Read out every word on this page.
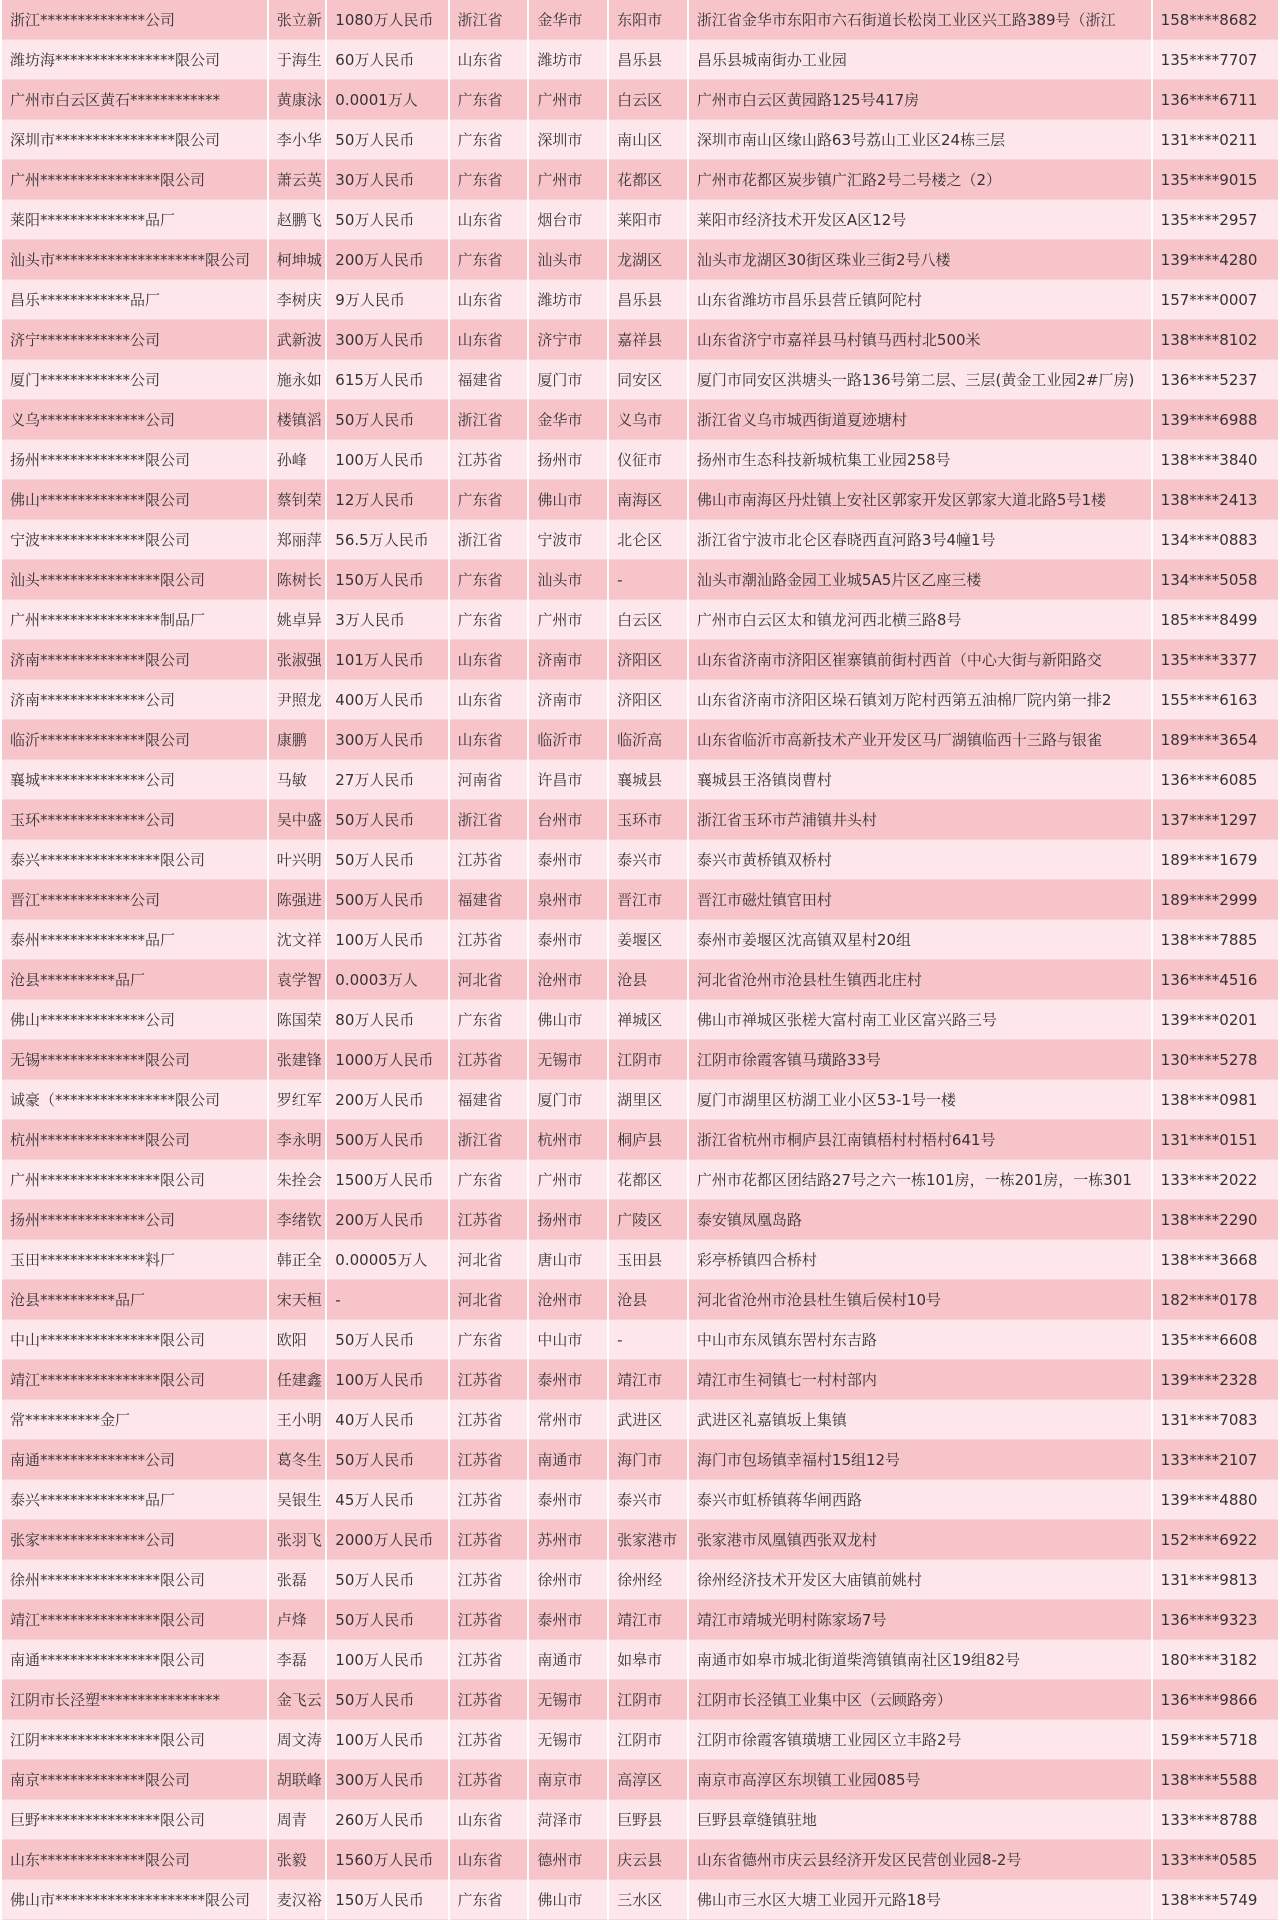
浙江**************公司	张立新	1080万人民币	浙江省	金华市	东阳市	浙江省金华市东阳市六石街道长松岗工业区兴工路389号（浙江	158****8682
潍坊海****************限公司	于海生	60万人民币	山东省	潍坊市	昌乐县	昌乐县城南街办工业园	135****7707
广州市白云区黄石************	黄康泳	0.0001万人	广东省	广州市	白云区	广州市白云区黄园路125号417房	136****6711
深圳市****************限公司	李小华	50万人民币	广东省	深圳市	南山区	深圳市南山区缘山路63号荔山工业区24栋三层	131****0211
广州****************限公司	萧云英	30万人民币	广东省	广州市	花都区	广州市花都区炭步镇广汇路2号二号楼之（2）	135****9015
莱阳**************品厂	赵鹏飞	50万人民币	山东省	烟台市	莱阳市	莱阳市经济技术开发区A区12号	135****2957
汕头市********************限公司	柯坤城	200万人民币	广东省	汕头市	龙湖区	汕头市龙湖区30街区珠业三街2号八楼	139****4280
昌乐************品厂	李树庆	9万人民币	山东省	潍坊市	昌乐县	山东省潍坊市昌乐县营丘镇阿陀村	157****0007
济宁************公司	武新波	300万人民币	山东省	济宁市	嘉祥县	山东省济宁市嘉祥县马村镇马西村北500米	138****8102
厦门************公司	施永如	615万人民币	福建省	厦门市	同安区	厦门市同安区洪塘头一路136号第二层、三层(黄金工业园2#厂房)	136****5237
义乌**************公司	楼镇滔	50万人民币	浙江省	金华市	义乌市	浙江省义乌市城西街道夏迹塘村	139****6988
扬州**************限公司	孙峰	100万人民币	江苏省	扬州市	仪征市	扬州市生态科技新城杭集工业园258号	138****3840
佛山**************限公司	蔡钊荣	12万人民币	广东省	佛山市	南海区	佛山市南海区丹灶镇上安社区郭家开发区郭家大道北路5号1楼	138****2413
宁波**************限公司	郑丽萍	56.5万人民币	浙江省	宁波市	北仑区	浙江省宁波市北仑区春晓西直河路3号4幢1号	134****0883
汕头****************限公司	陈树长	150万人民币	广东省	汕头市	-	汕头市潮汕路金园工业城5A5片区乙座三楼	134****5058
广州****************制品厂	姚卓异	3万人民币	广东省	广州市	白云区	广州市白云区太和镇龙河西北横三路8号	185****8499
济南**************限公司	张淑强	101万人民币	山东省	济南市	济阳区	山东省济南市济阳区崔寨镇前街村西首（中心大街与新阳路交	135****3377
济南**************公司	尹照龙	400万人民币	山东省	济南市	济阳区	山东省济南市济阳区垛石镇刘万陀村西第五油棉厂院内第一排2	155****6163
临沂**************限公司	康鹏	300万人民币	山东省	临沂市	临沂高	山东省临沂市高新技术产业开发区马厂湖镇临西十三路与银雀	189****3654
襄城**************公司	马敏	27万人民币	河南省	许昌市	襄城县	襄城县王洛镇岗曹村	136****6085
玉环**************公司	吴中盛	50万人民币	浙江省	台州市	玉环市	浙江省玉环市芦浦镇井头村	137****1297
泰兴****************限公司	叶兴明	50万人民币	江苏省	泰州市	泰兴市	泰兴市黄桥镇双桥村	189****1679
晋江************公司	陈强进	500万人民币	福建省	泉州市	晋江市	晋江市磁灶镇官田村	189****2999
泰州**************品厂	沈文祥	100万人民币	江苏省	泰州市	姜堰区	泰州市姜堰区沈高镇双星村20组	138****7885
沧县**********品厂	袁学智	0.0003万人	河北省	沧州市	沧县	河北省沧州市沧县杜生镇西北庄村	136****4516
佛山**************公司	陈国荣	80万人民币	广东省	佛山市	禅城区	佛山市禅城区张槎大富村南工业区富兴路三号	139****0201
无锡**************限公司	张建锋	1000万人民币	江苏省	无锡市	江阴市	江阴市徐霞客镇马璜路33号	130****5278
诚豪（****************限公司	罗红军	200万人民币	福建省	厦门市	湖里区	厦门市湖里区枋湖工业小区53-1号一楼	138****0981
杭州**************限公司	李永明	500万人民币	浙江省	杭州市	桐庐县	浙江省杭州市桐庐县江南镇梧村村梧村641号	131****0151
广州****************限公司	朱拴会	1500万人民币	广东省	广州市	花都区	广州市花都区团结路27号之六一栋101房，一栋201房，一栋301	133****2022
扬州**************公司	李绪钦	200万人民币	江苏省	扬州市	广陵区	泰安镇凤凰岛路	138****2290
玉田**************料厂	韩正全	0.00005万人	河北省	唐山市	玉田县	彩亭桥镇四合桥村	138****3668
沧县**********品厂	宋天桓	-	河北省	沧州市	沧县	河北省沧州市沧县杜生镇后侯村10号	182****0178
中山****************限公司	欧阳	50万人民币	广东省	中山市	-	中山市东凤镇东罟村东吉路	135****6608
靖江****************限公司	任建鑫	100万人民币	江苏省	泰州市	靖江市	靖江市生祠镇七一村村部内	139****2328
常**********金厂	王小明	40万人民币	江苏省	常州市	武进区	武进区礼嘉镇坂上集镇	131****7083
南通**************公司	葛冬生	50万人民币	江苏省	南通市	海门市	海门市包场镇幸福村15组12号	133****2107
泰兴**************品厂	吴银生	45万人民币	江苏省	泰州市	泰兴市	泰兴市虹桥镇蒋华闸西路	139****4880
张家**************公司	张羽飞	2000万人民币	江苏省	苏州市	张家港市	张家港市凤凰镇西张双龙村	152****6922
徐州****************限公司	张磊	50万人民币	江苏省	徐州市	徐州经	徐州经济技术开发区大庙镇前姚村	131****9813
靖江****************限公司	卢烽	50万人民币	江苏省	泰州市	靖江市	靖江市靖城光明村陈家场7号	136****9323
南通****************限公司	李磊	100万人民币	江苏省	南通市	如皋市	南通市如皋市城北街道柴湾镇镇南社区19组82号	180****3182
江阴市长泾塑****************	金飞云	50万人民币	江苏省	无锡市	江阴市	江阴市长泾镇工业集中区（云顾路旁）	136****9866
江阴****************限公司	周文涛	100万人民币	江苏省	无锡市	江阴市	江阴市徐霞客镇璜塘工业园区立丰路2号	159****5718
南京**************限公司	胡联峰	300万人民币	江苏省	南京市	高淳区	南京市高淳区东坝镇工业园085号	138****5588
巨野****************限公司	周青	260万人民币	山东省	菏泽市	巨野县	巨野县章缝镇驻地	133****8788
山东**************限公司	张毅	1560万人民币	山东省	德州市	庆云县	山东省德州市庆云县经济开发区民营创业园8-2号	133****0585
佛山市********************限公司	麦汉裕	150万人民币	广东省	佛山市	三水区	佛山市三水区大塘工业园开元路18号	138****5749
